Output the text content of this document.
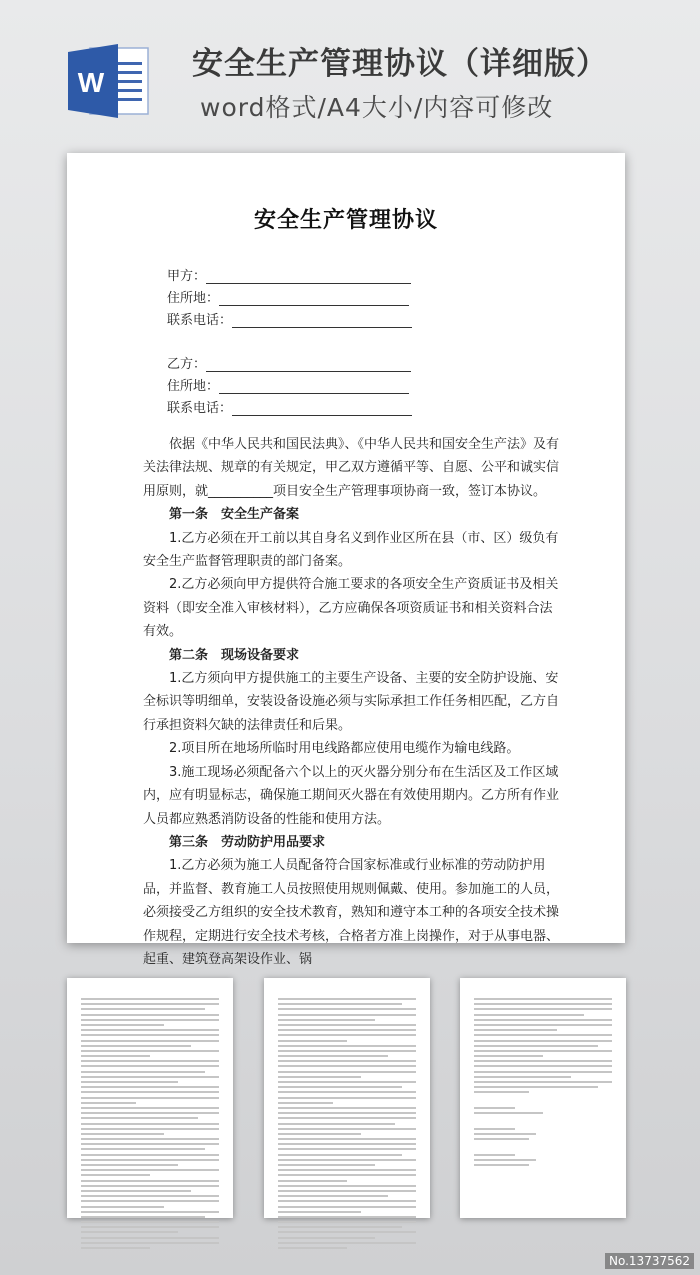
W
安全生产管理协议（详细版）
word格式/A4大小/内容可修改
安全生产管理协议
甲方：
住所地：
联系电话：
乙方：
住所地：
联系电话：

依据《中华人民共和国民法典》、《中华人民共和国安全生产法》及有关法律法规、规章的有关规定，甲乙双方遵循平等、自愿、公平和诚实信用原则，就__________项目安全生产管理事项协商一致，签订本协议。

第一条　安全生产备案

1.乙方必须在开工前以其自身名义到作业区所在县（市、区）级负有安全生产监督管理职责的部门备案。

2.乙方必须向甲方提供符合施工要求的各项安全生产资质证书及相关资料（即安全准入审核材料），乙方应确保各项资质证书和相关资料合法有效。

第二条　现场设备要求

1.乙方须向甲方提供施工的主要生产设备、主要的安全防护设施、安全标识等明细单，安装设备设施必须与实际承担工作任务相匹配，乙方自行承担资料欠缺的法律责任和后果。

2.项目所在地场所临时用电线路都应使用电缆作为输电线路。

3.施工现场必须配备六个以上的灭火器分别分布在生活区及工作区域内，应有明显标志，确保施工期间灭火器在有效使用期内。乙方所有作业人员都应熟悉消防设备的性能和使用方法。

第三条　劳动防护用品要求

1.乙方必须为施工人员配备符合国家标准或行业标准的劳动防护用品，并监督、教育施工人员按照使用规则佩戴、使用。参加施工的人员，必须接受乙方组织的安全技术教育，熟知和遵守本工种的各项安全技术操作规程，定期进行安全技术考核，合格者方准上岗操作，对于从事电器、起重、建筑登高架设作业、锅

No.13737562
